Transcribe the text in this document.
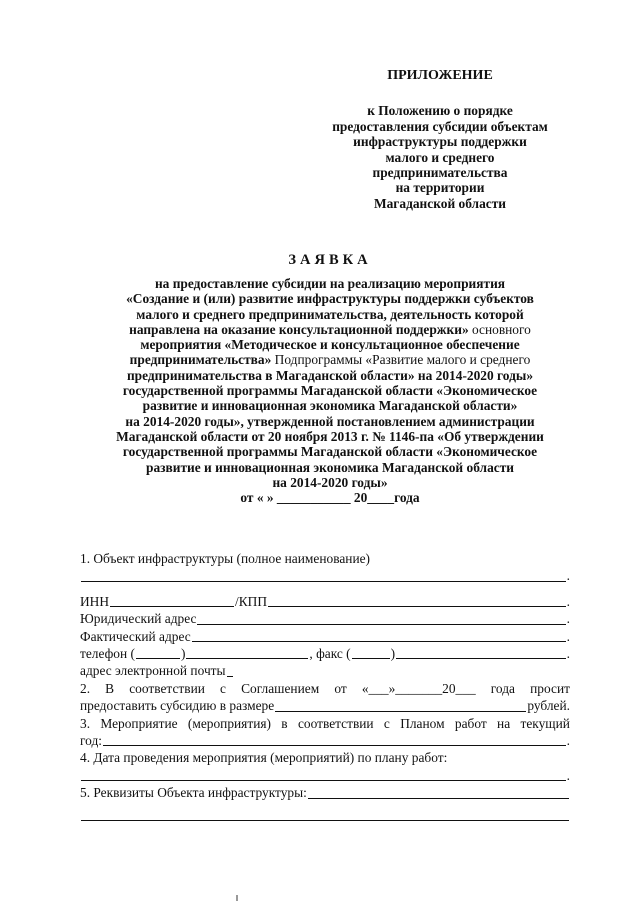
ПРИЛОЖЕНИЕ
к Положению о порядке
предоставления субсидии объектам
инфраструктуры поддержки
малого и среднего
предпринимательства
на территории
Магаданской области
ЗАЯВКА
на предоставление субсидии на реализацию мероприятия
«Создание и (или) развитие инфраструктуры поддержки субъектов
малого и среднего предпринимательства, деятельность которой
направлена на оказание консультационной поддержки» основного
мероприятия «Методическое и консультационное обеспечение
предпринимательства» Подпрограммы «Развитие малого и среднего
предпринимательства в Магаданской области» на 2014-2020 годы»
государственной программы Магаданской области «Экономическое
развитие и инновационная экономика Магаданской области»
на 2014-2020 годы», утвержденной постановлением администрации
Магаданской области от 20 ноября 2013 г. № 1146-па «Об утверждении
государственной программы Магаданской области «Экономическое
развитие и инновационная экономика Магаданской области
на 2014-2020 годы»
от « » ___________ 20____года
1. Объект инфраструктуры (полное наименование)
.
ИНН	/КПП	.
Юридический адрес	.
Фактический адрес	.
телефон (	)	, факс (	)	.
адрес электронной почты
2. В соответствии с Соглашением от «___»_______20___ года просит
предоставить субсидию в размере	рублей.
3. Мероприятие (мероприятия) в соответствии с Планом работ на текущий
год:	.
4. Дата проведения мероприятия (мероприятий) по плану работ:
.
5. Реквизиты Объекта инфраструктуры:
